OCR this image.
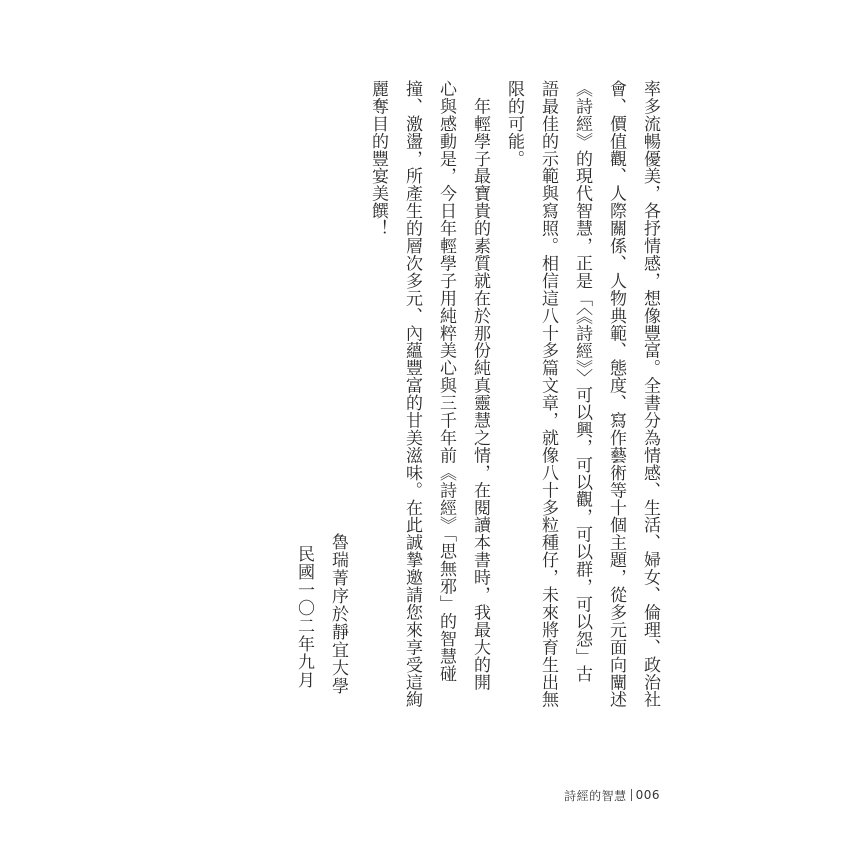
率多流暢優美，各抒情感，想像豐富。全書分為情感、生活、婦女、倫理、政治社
會、價值觀、人際關係、人物典範、態度、寫作藝術等十個主題，從多元面向闡述
《詩經》的現代智慧，正是「〈《詩經》〉可以興，可以觀，可以群，可以怨」古
語最佳的示範與寫照。相信這八十多篇文章，就像八十多粒種仔，未來將育生出無
限的可能。
　年輕學子最寶貴的素質就在於那份純真靈慧之情，在閱讀本書時，我最大的開
心與感動是，今日年輕學子用純粹美心與三千年前《詩經》「思無邪」的智慧碰
撞、激盪，所產生的層次多元、內蘊豐富的甘美滋味。在此誠摯邀請您來享受這絢
麗奪目的豐宴美饌！
魯瑞菁序於靜宜大學
民國一〇二年九月
詩經的智慧 006
